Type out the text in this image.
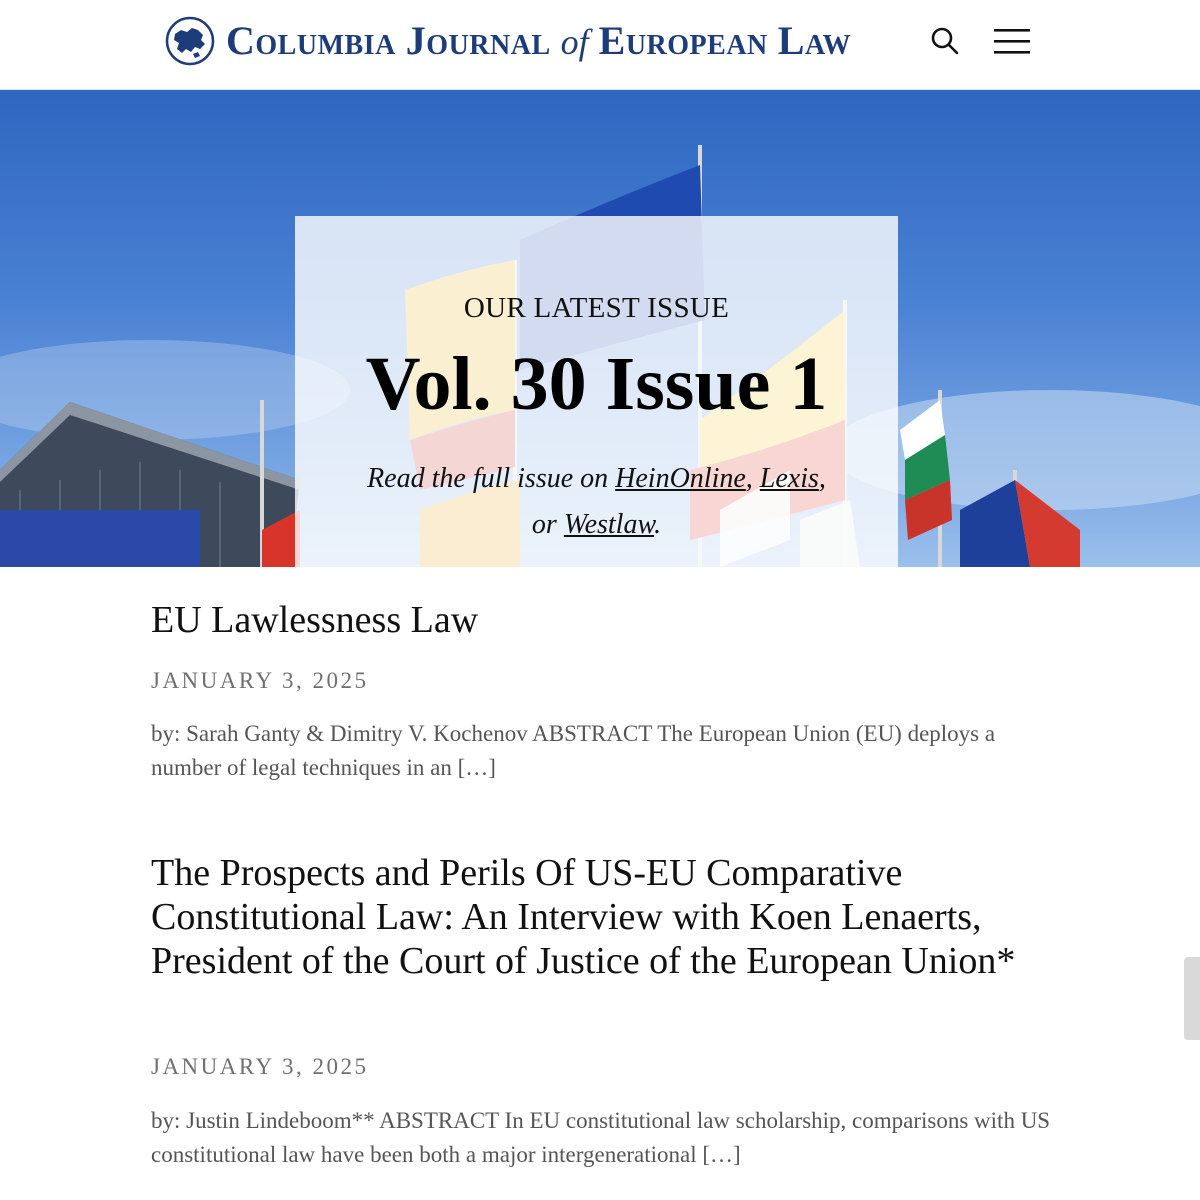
Columbia Journal of European Law
OUR LATEST ISSUE
Vol. 30 Issue 1
Read the full issue on HeinOnline, Lexis,
or Westlaw.
EU Lawlessness Law
JANUARY 3, 2025

by: Sarah Ganty & Dimitry V. Kochenov ABSTRACT The European Union (EU) deploys a number of legal techniques in an […]

The Prospects and Perils Of US-EU Comparative Constitutional Law: An Interview with Koen Lenaerts, President of the Court of Justice of the European Union*
JANUARY 3, 2025

by: Justin Lindeboom** ABSTRACT In EU constitutional law scholarship, comparisons with US constitutional law have been both a major intergenerational […]
